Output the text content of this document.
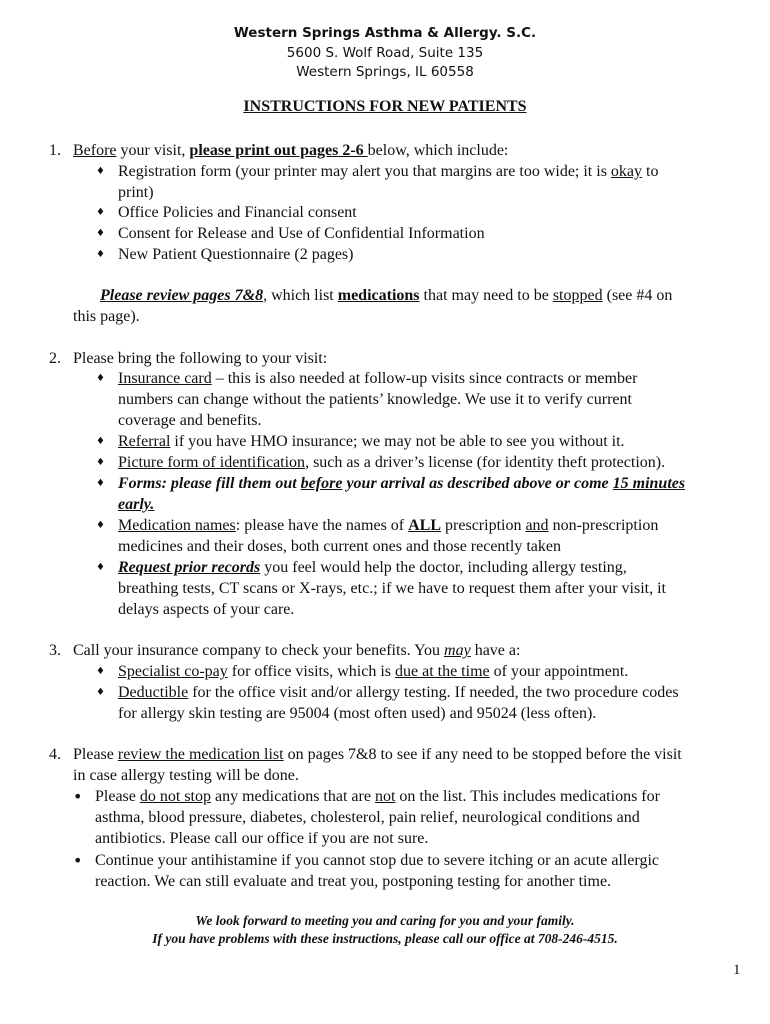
Western Springs Asthma & Allergy. S.C.
5600 S. Wolf Road, Suite 135
Western Springs, IL 60558
INSTRUCTIONS FOR NEW PATIENTS
1. Before your visit, please print out pages 2-6 below, which include:
♦ Registration form (your printer may alert you that margins are too wide; it is okay to
print)
♦ Office Policies and Financial consent
♦ Consent for Release and Use of Confidential Information
♦ New Patient Questionnaire (2 pages)
Please review pages 7&8, which list medications that may need to be stopped (see #4 on
this page).
2. Please bring the following to your visit:
♦ Insurance card – this is also needed at follow-up visits since contracts or member
numbers can change without the patients’ knowledge. We use it to verify current
coverage and benefits.
♦ Referral if you have HMO insurance; we may not be able to see you without it.
♦ Picture form of identification, such as a driver’s license (for identity theft protection).
♦ Forms: please fill them out before your arrival as described above or come 15 minutes
early.
♦ Medication names: please have the names of ALL prescription and non-prescription
medicines and their doses, both current ones and those recently taken
♦ Request prior records you feel would help the doctor, including allergy testing,
breathing tests, CT scans or X-rays, etc.; if we have to request them after your visit, it
delays aspects of your care.
3. Call your insurance company to check your benefits. You may have a:
♦ Specialist co-pay for office visits, which is due at the time of your appointment.
♦ Deductible for the office visit and/or allergy testing. If needed, the two procedure codes
for allergy skin testing are 95004 (most often used) and 95024 (less often).
4. Please review the medication list on pages 7&8 to see if any need to be stopped before the visit
in case allergy testing will be done.
• Please do not stop any medications that are not on the list. This includes medications for
asthma, blood pressure, diabetes, cholesterol, pain relief, neurological conditions and
antibiotics. Please call our office if you are not sure.
• Continue your antihistamine if you cannot stop due to severe itching or an acute allergic
reaction. We can still evaluate and treat you, postponing testing for another time.
We look forward to meeting you and caring for you and your family.
If you have problems with these instructions, please call our office at 708-246-4515.
1
